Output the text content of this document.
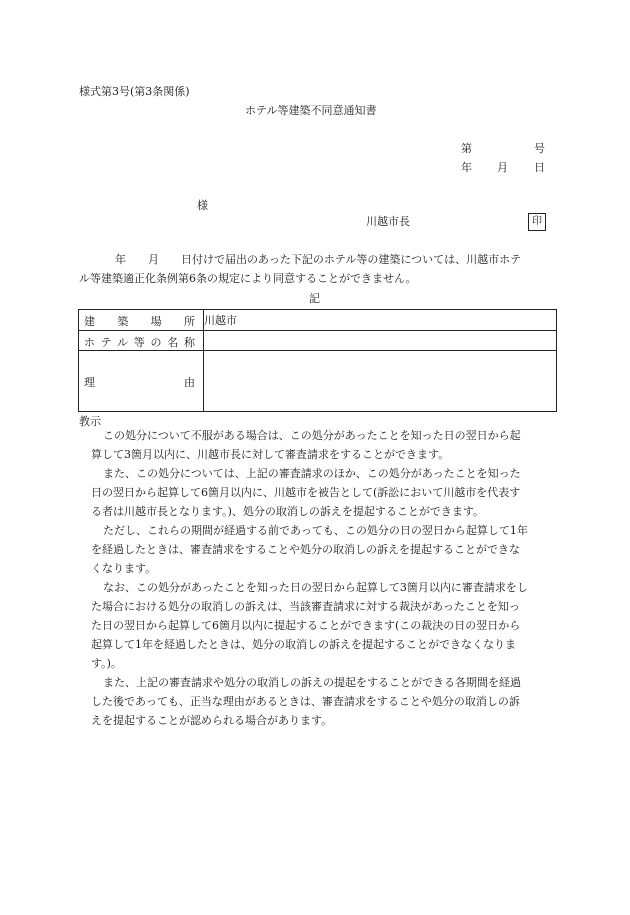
様式第3号(第3条関係)
ホテル等建築不同意通知書
第	号
年 月 日
様
川越市長	印
年　　月　　日付けで届出のあった下記のホテル等の建築については、川越市ホテ
ル等建築適正化条例第6条の規定により同意することができません。
記
建築場所	川越市

ホテル等の名称	

理由	

教示
この処分について不服がある場合は、この処分があったことを知った日の翌日から起
算して3箇月以内に、川越市長に対して審査請求をすることができます。
また、この処分については、上記の審査請求のほか、この処分があったことを知った
日の翌日から起算して6箇月以内に、川越市を被告として(訴訟において川越市を代表す
る者は川越市長となります。)、処分の取消しの訴えを提起することができます。
ただし、これらの期間が経過する前であっても、この処分の日の翌日から起算して1年
を経過したときは、審査請求をすることや処分の取消しの訴えを提起することができな
くなります。
なお、この処分があったことを知った日の翌日から起算して3箇月以内に審査請求をし
た場合における処分の取消しの訴えは、当該審査請求に対する裁決があったことを知っ
た日の翌日から起算して6箇月以内に提起することができます(この裁決の日の翌日から
起算して1年を経過したときは、処分の取消しの訴えを提起することができなくなりま
す。)。
また、上記の審査請求や処分の取消しの訴えの提起をすることができる各期間を経過
した後であっても、正当な理由があるときは、審査請求をすることや処分の取消しの訴
えを提起することが認められる場合があります。
